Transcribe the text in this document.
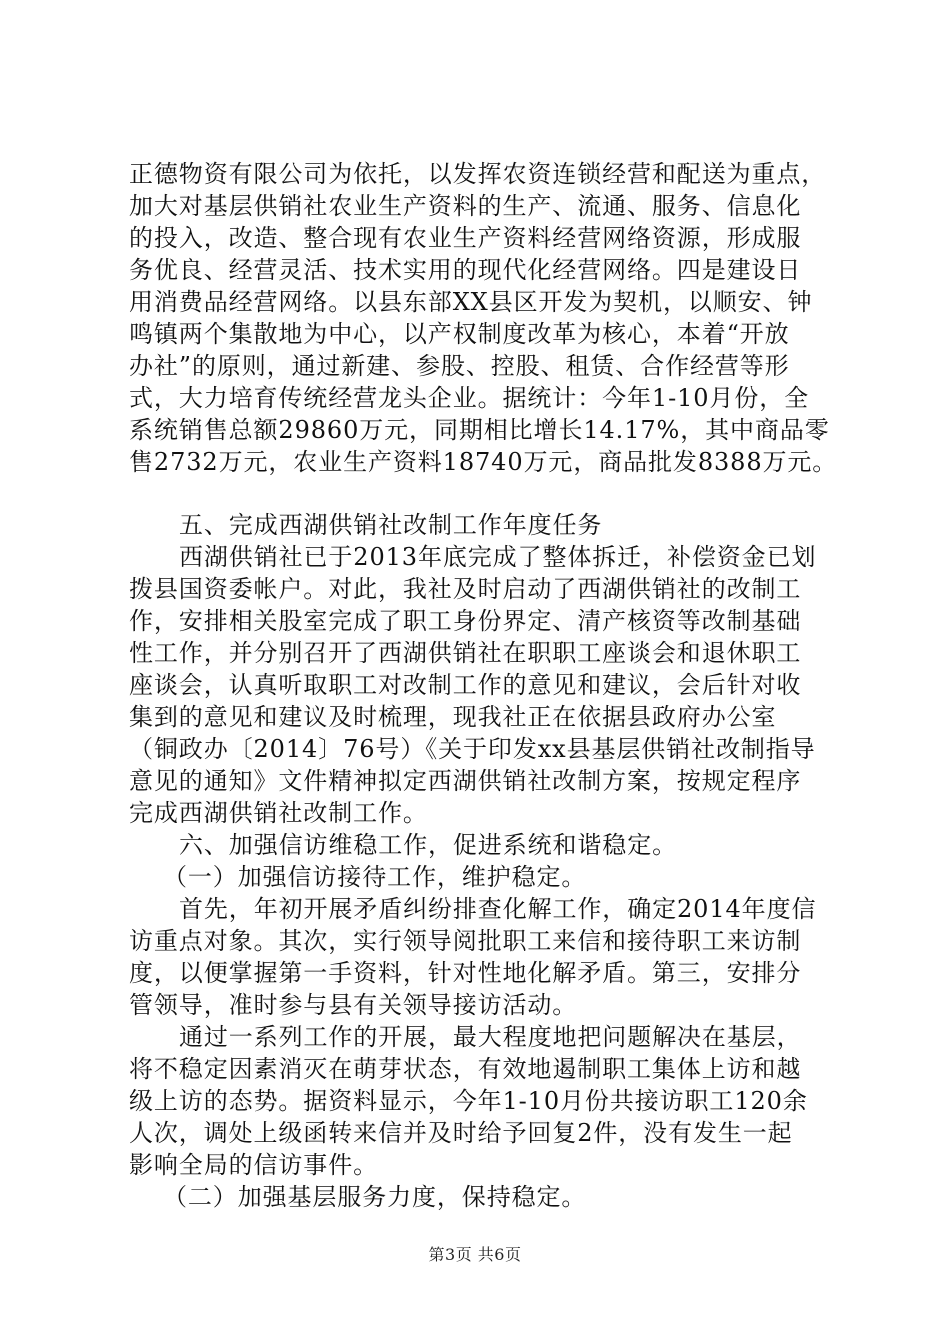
正德物资有限公司为依托，以发挥农资连锁经营和配送为重点，
加大对基层供销社农业生产资料的生产、流通、服务、信息化
的投入，改造、整合现有农业生产资料经营网络资源，形成服
务优良、经营灵活、技术实用的现代化经营网络。四是建设日
用消费品经营网络。以县东部XX县区开发为契机，以顺安、钟
鸣镇两个集散地为中心，以产权制度改革为核心，本着“开放
办社”的原则，通过新建、参股、控股、租赁、合作经营等形
式，大力培育传统经营龙头企业。据统计：今年1-10月份，全
系统销售总额29860万元，同期相比增长14.17%，其中商品零
售2732万元，农业生产资料18740万元，商品批发8388万元。
五、完成西湖供销社改制工作年度任务
西湖供销社已于2013年底完成了整体拆迁，补偿资金已划
拨县国资委帐户。对此，我社及时启动了西湖供销社的改制工
作，安排相关股室完成了职工身份界定、清产核资等改制基础
性工作，并分别召开了西湖供销社在职职工座谈会和退休职工
座谈会，认真听取职工对改制工作的意见和建议，会后针对收
集到的意见和建议及时梳理，现我社正在依据县政府办公室
（铜政办〔2014〕76号）《关于印发xx县基层供销社改制指导
意见的通知》文件精神拟定西湖供销社改制方案，按规定程序
完成西湖供销社改制工作。
六、加强信访维稳工作，促进系统和谐稳定。
（一）加强信访接待工作，维护稳定。
首先，年初开展矛盾纠纷排查化解工作，确定2014年度信
访重点对象。其次，实行领导阅批职工来信和接待职工来访制
度，以便掌握第一手资料，针对性地化解矛盾。第三，安排分
管领导，准时参与县有关领导接访活动。
通过一系列工作的开展，最大程度地把问题解决在基层，
将不稳定因素消灭在萌芽状态，有效地遏制职工集体上访和越
级上访的态势。据资料显示，今年1-10月份共接访职工120余
人次，调处上级函转来信并及时给予回复2件，没有发生一起
影响全局的信访事件。
（二）加强基层服务力度，保持稳定。
第3页 共6页
